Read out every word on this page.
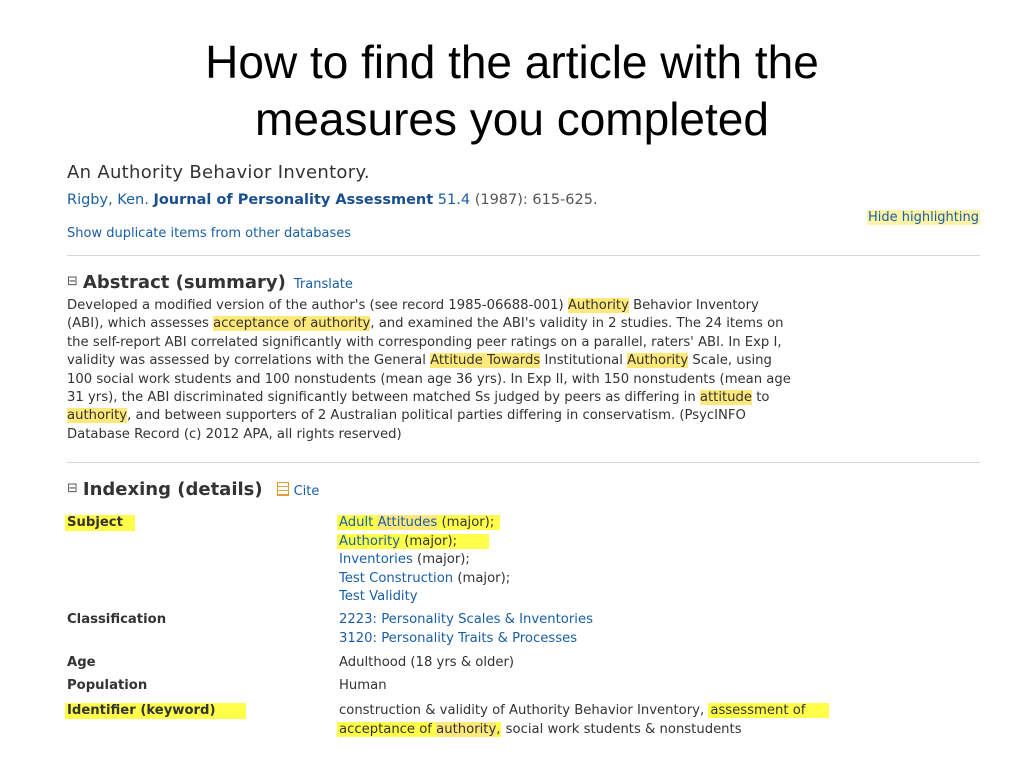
How to find the article with the
measures you completed
An Authority Behavior Inventory.
Rigby, Ken. Journal of Personality Assessment 51.4 (1987): 615-625.
Hide highlighting
Show duplicate items from other databases
⊟ Abstract (summary) Translate
Developed a modified version of the author's (see record 1985-06688-001) Authority Behavior Inventory
(ABI), which assesses acceptance of authority, and examined the ABI's validity in 2 studies. The 24 items on
the self-report ABI correlated significantly with corresponding peer ratings on a parallel, raters' ABI. In Exp I,
validity was assessed by correlations with the General Attitude Towards Institutional Authority Scale, using
100 social work students and 100 nonstudents (mean age 36 yrs). In Exp II, with 150 nonstudents (mean age
31 yrs), the ABI discriminated significantly between matched Ss judged by peers as differing in attitude to
authority, and between supporters of 2 Australian political parties differing in conservatism. (PsycINFO
Database Record (c) 2012 APA, all rights reserved)
⊟ Indexing (details) Cite
Subject	Adult Attitudes (major);
Authority (major);
Inventories (major);
Test Construction (major);
Test Validity
Classification	2223: Personality Scales & Inventories
3120: Personality Traits & Processes
Age	Adulthood (18 yrs & older)
Population	Human
Identifier (keyword)	construction & validity of Authority Behavior Inventory, assessment of
acceptance of authority, social work students & nonstudents
